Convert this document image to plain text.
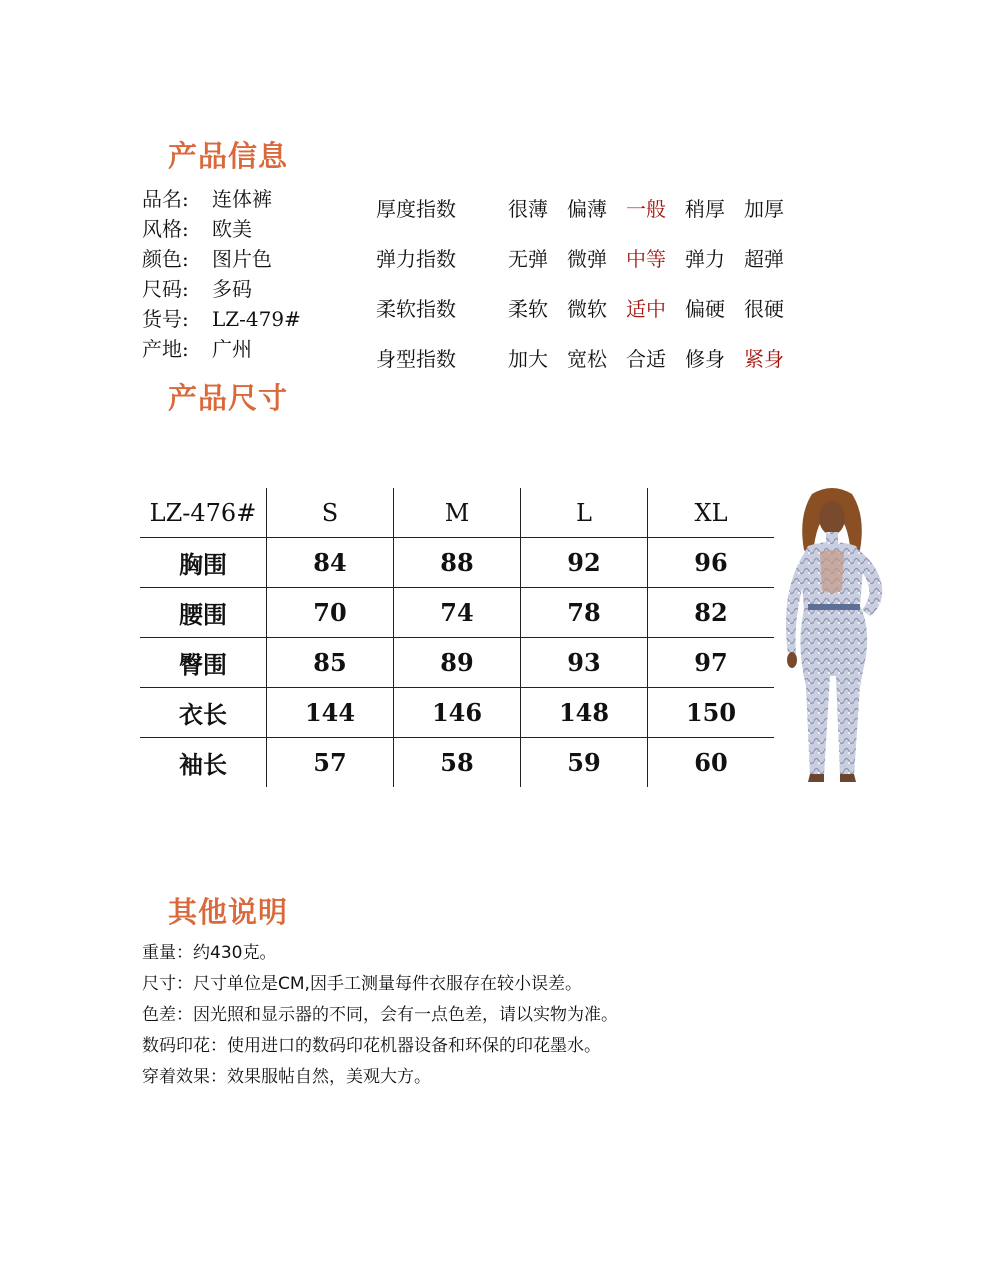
产品信息
品名:	连体裤
风格:	欧美
颜色:	图片色
尺码:	多码
货号:	LZ-479#
产地:	广州
厚度指数	很薄 偏薄 一般 稍厚 加厚
弹力指数	无弹 微弹 中等 弹力 超弹
柔软指数	柔软 微软 适中 偏硬 很硬
身型指数	加大 宽松 合适 修身 紧身
产品尺寸
LZ-476#	S	M	L	XL
胸围	84	88	92	96
腰围	70	74	78	82
臀围	85	89	93	97
衣长	144	146	148	150
袖长	57	58	59	60
其他说明
重量：约430克。
尺寸：尺寸单位是CM,因手工测量每件衣服存在较小误差。
色差：因光照和显示器的不同，会有一点色差，请以实物为准。
数码印花：使用进口的数码印花机器设备和环保的印花墨水。
穿着效果：效果服帖自然，美观大方。
